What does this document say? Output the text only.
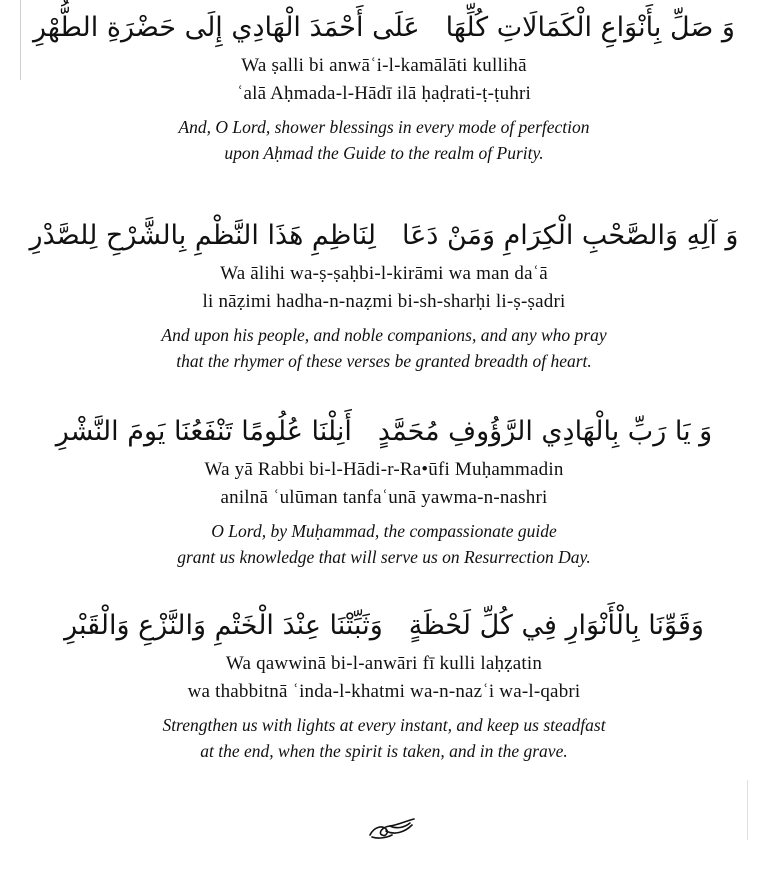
وَ صَلِّ بِأَنْوَاعِ الْكَمَالَاتِ كُلِّهَاعَلَى أَحْمَدَ الْهَادِي إِلَى حَضْرَةِ الطُّهْرِ
Wa ṣalli bi anwāʿi-l-kamālāti kullihā
ʿalā Aḥmada-l-Hādī ilā ḥaḍrati-ṭ-ṭuhri
And, O Lord, shower blessings in every mode of perfection
upon Aḥmad the Guide to the realm of Purity.
وَ آلِهِ وَالصَّحْبِ الْكِرَامِ وَمَنْ دَعَالِنَاظِمِ هَذَا النَّظْمِ بِالشَّرْحِ لِلصَّدْرِ
Wa ālihi wa-ṣ-ṣaḥbi-l-kirāmi wa man daʿā
li nāẓimi hadha-n-naẓmi bi-sh-sharḥi li-ṣ-ṣadri
And upon his people, and noble companions, and any who pray
that the rhymer of these verses be granted breadth of heart.
وَ يَا رَبِّ بِالْهَادِي الرَّؤُوفِ مُحَمَّدٍأَنِلْنَا عُلُومًا تَنْفَعُنَا يَومَ النَّشْرِ
Wa yā Rabbi bi-l-Hādi-r-Ra•ūfi Muḥammadin
anilnā ʿulūman tanfaʿunā yawma-n-nashri
O Lord, by Muḥammad, the compassionate guide
grant us knowledge that will serve us on Resurrection Day.
وَقَوِّنَا بِالْأَنْوَارِ فِي كُلِّ لَحْظَةٍوَثَبِّتْنَا عِنْدَ الْخَتْمِ وَالنَّزْعِ وَالْقَبْرِ
Wa qawwinā bi-l-anwāri fī kulli laḥẓatin
wa thabbitnā ʿinda-l-khatmi wa-n-nazʿi wa-l-qabri
Strengthen us with lights at every instant, and keep us steadfast
at the end, when the spirit is taken, and in the grave.
